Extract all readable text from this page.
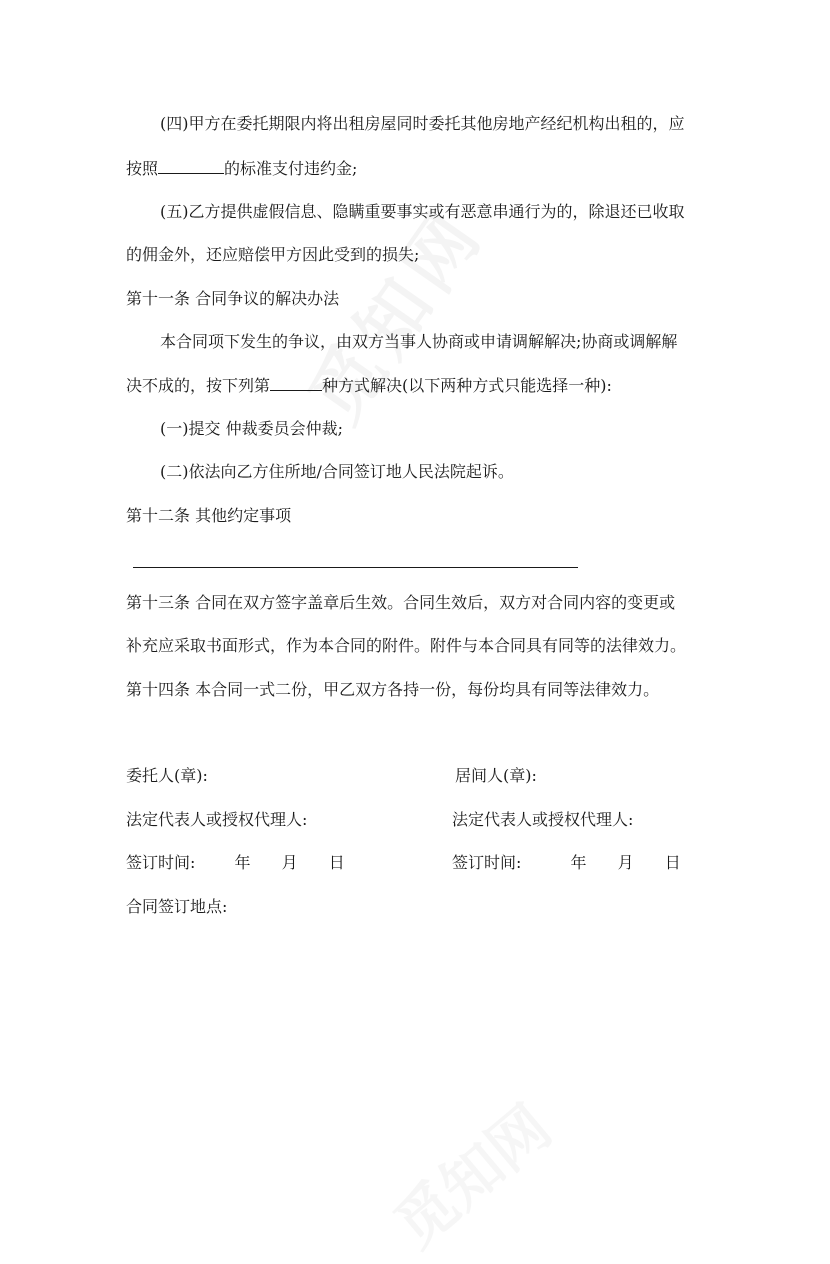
(四)甲方在委托期限内将出租房屋同时委托其他房地产经纪机构出租的，应
按照	的标准支付违约金;
(五)乙方提供虚假信息、隐瞒重要事实或有恶意串通行为的，除退还已收取
的佣金外，还应赔偿甲方因此受到的损失;
第十一条 合同争议的解决办法
本合同项下发生的争议，由双方当事人协商或申请调解解决;协商或调解解
决不成的，按下列第	种方式解决(以下两种方式只能选择一种):
(一)提交 仲裁委员会仲裁;
(二)依法向乙方住所地/合同签订地人民法院起诉。
第十二条 其他约定事项
第十三条 合同在双方签字盖章后生效。合同生效后，双方对合同内容的变更或
补充应采取书面形式，作为本合同的附件。附件与本合同具有同等的法律效力。
第十四条 本合同一式二份，甲乙双方各持一份，每份均具有同等法律效力。
委托人(章):	居间人(章):
法定代表人或授权代理人:	法定代表人或授权代理人:
签订时间: 年 月 日	签订时间:	年 月 日
合同签订地点:
